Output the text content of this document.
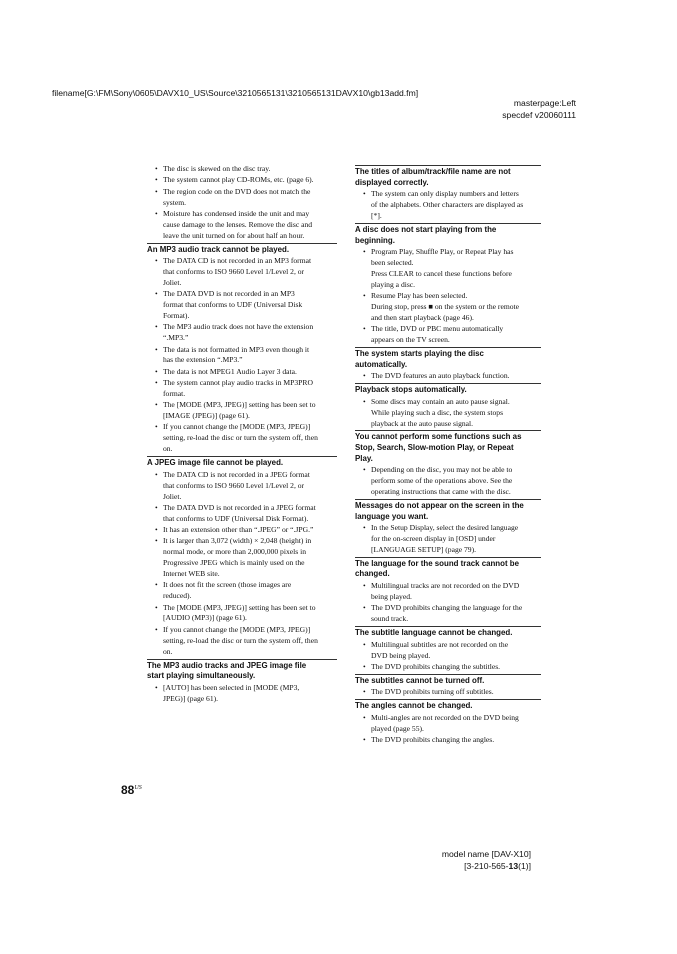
filename[G:\FM\Sony\0605\DAVX10_US\Source\3210565131\3210565131DAVX10\gb13add.fm]
masterpage:Left
specdef v20060111
• The disc is skewed on the disc tray.
• The system cannot play CD-ROMs, etc. (page 6).
• The region code on the DVD does not match the
system.
• Moisture has condensed inside the unit and may
cause damage to the lenses. Remove the disc and
leave the unit turned on for about half an hour.
An MP3 audio track cannot be played.
• The DATA CD is not recorded in an MP3 format
that conforms to ISO 9660 Level 1/Level 2, or
Joliet.
• The DATA DVD is not recorded in an MP3
format that conforms to UDF (Universal Disk
Format).
• The MP3 audio track does not have the extension
“.MP3.”
• The data is not formatted in MP3 even though it
has the extension “.MP3.”
• The data is not MPEG1 Audio Layer 3 data.
• The system cannot play audio tracks in MP3PRO
format.
• The [MODE (MP3, JPEG)] setting has been set to
[IMAGE (JPEG)] (page 61).
• If you cannot change the [MODE (MP3, JPEG)]
setting, re-load the disc or turn the system off, then
on.
A JPEG image file cannot be played.
• The DATA CD is not recorded in a JPEG format
that conforms to ISO 9660 Level 1/Level 2, or
Joliet.
• The DATA DVD is not recorded in a JPEG format
that conforms to UDF (Universal Disk Format).
• It has an extension other than “.JPEG” or “.JPG.”
• It is larger than 3,072 (width) × 2,048 (height) in
normal mode, or more than 2,000,000 pixels in
Progressive JPEG which is mainly used on the
Internet WEB site.
• It does not fit the screen (those images are
reduced).
• The [MODE (MP3, JPEG)] setting has been set to
[AUDIO (MP3)] (page 61).
• If you cannot change the [MODE (MP3, JPEG)]
setting, re-load the disc or turn the system off, then
on.
The MP3 audio tracks and JPEG image file
start playing simultaneously.
• [AUTO] has been selected in [MODE (MP3,
JPEG)] (page 61).
The titles of album/track/file name are not
displayed correctly.
• The system can only display numbers and letters
of the alphabets. Other characters are displayed as
[*].
A disc does not start playing from the
beginning.
• Program Play, Shuffle Play, or Repeat Play has
been selected.
Press CLEAR to cancel these functions before
playing a disc.
• Resume Play has been selected.
During stop, press ■ on the system or the remote
and then start playback (page 46).
• The title, DVD or PBC menu automatically
appears on the TV screen.
The system starts playing the disc
automatically.
• The DVD features an auto playback function.
Playback stops automatically.
• Some discs may contain an auto pause signal.
While playing such a disc, the system stops
playback at the auto pause signal.
You cannot perform some functions such as
Stop, Search, Slow-motion Play, or Repeat
Play.
• Depending on the disc, you may not be able to
perform some of the operations above. See the
operating instructions that came with the disc.
Messages do not appear on the screen in the
language you want.
• In the Setup Display, select the desired language
for the on-screen display in [OSD] under
[LANGUAGE SETUP] (page 79).
The language for the sound track cannot be
changed.
• Multilingual tracks are not recorded on the DVD
being played.
• The DVD prohibits changing the language for the
sound track.
The subtitle language cannot be changed.
• Multilingual subtitles are not recorded on the
DVD being played.
• The DVD prohibits changing the subtitles.
The subtitles cannot be turned off.
• The DVD prohibits turning off subtitles.
The angles cannot be changed.
• Multi-angles are not recorded on the DVD being
played (page 55).
• The DVD prohibits changing the angles.
$88^{US}$
model name [DAV-X10]
[3-210-565-13(1)]
